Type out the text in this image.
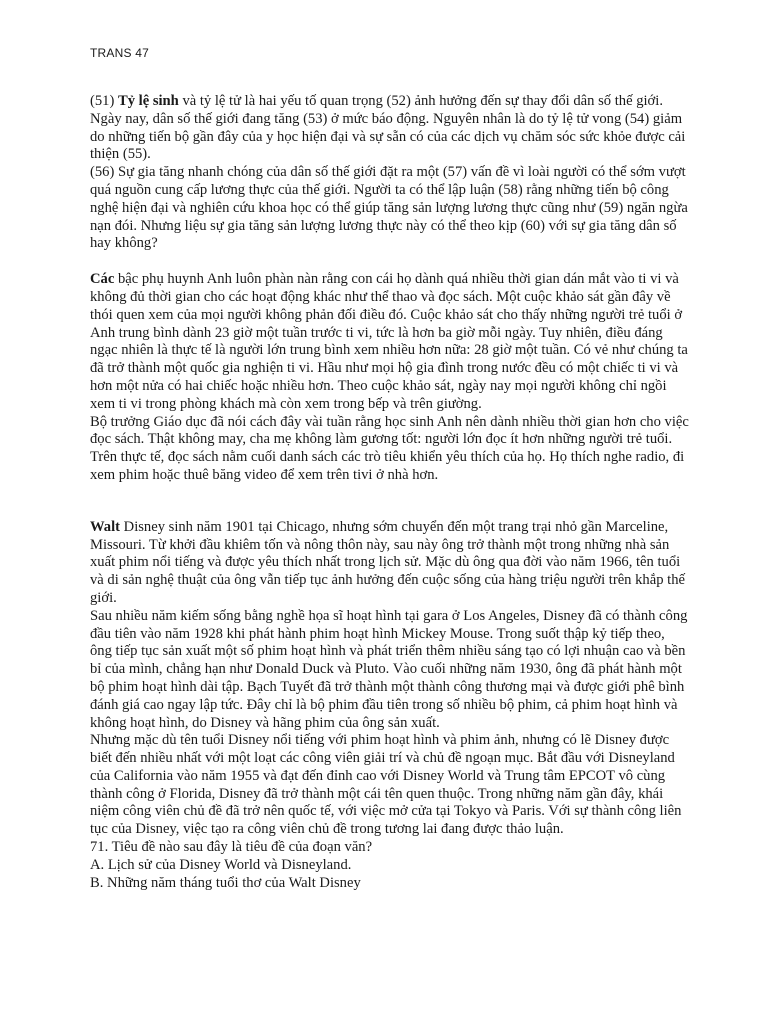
TRANS 47

(51) Tỷ lệ sinh và tỷ lệ tử là hai yếu tố quan trọng (52) ảnh hưởng đến sự thay đổi dân số thế giới. Ngày nay, dân số thế giới đang tăng (53) ở mức báo động. Nguyên nhân là do tỷ lệ tử vong (54) giảm do những tiến bộ gần đây của y học hiện đại và sự sẵn có của các dịch vụ chăm sóc sức khỏe được cải thiện (55).

(56) Sự gia tăng nhanh chóng của dân số thế giới đặt ra một (57) vấn đề vì loài người có thể sớm vượt quá nguồn cung cấp lương thực của thế giới. Người ta có thể lập luận (58) rằng những tiến bộ công nghệ hiện đại và nghiên cứu khoa học có thể giúp tăng sản lượng lương thực cũng như (59) ngăn ngừa nạn đói. Nhưng liệu sự gia tăng sản lượng lương thực này có thể theo kịp (60) với sự gia tăng dân số hay không?

Các bậc phụ huynh Anh luôn phàn nàn rằng con cái họ dành quá nhiều thời gian dán mắt vào ti vi và không đủ thời gian cho các hoạt động khác như thể thao và đọc sách. Một cuộc khảo sát gần đây về thói quen xem của mọi người không phản đối điều đó. Cuộc khảo sát cho thấy những người trẻ tuổi ở Anh trung bình dành 23 giờ một tuần trước ti vi, tức là hơn ba giờ mỗi ngày. Tuy nhiên, điều đáng ngạc nhiên là thực tế là người lớn trung bình xem nhiều hơn nữa: 28 giờ một tuần. Có vẻ như chúng ta đã trở thành một quốc gia nghiện ti vi. Hầu như mọi hộ gia đình trong nước đều có một chiếc ti vi và hơn một nửa có hai chiếc hoặc nhiều hơn. Theo cuộc khảo sát, ngày nay mọi người không chỉ ngồi xem ti vi trong phòng khách mà còn xem trong bếp và trên giường.

Bộ trưởng Giáo dục đã nói cách đây vài tuần rằng học sinh Anh nên dành nhiều thời gian hơn cho việc đọc sách. Thật không may, cha mẹ không làm gương tốt: người lớn đọc ít hơn những người trẻ tuổi. Trên thực tế, đọc sách nằm cuối danh sách các trò tiêu khiển yêu thích của họ. Họ thích nghe radio, đi xem phim hoặc thuê băng video để xem trên tivi ở nhà hơn.

Walt Disney sinh năm 1901 tại Chicago, nhưng sớm chuyển đến một trang trại nhỏ gần Marceline, Missouri. Từ khởi đầu khiêm tốn và nông thôn này, sau này ông trở thành một trong những nhà sản xuất phim nổi tiếng và được yêu thích nhất trong lịch sử. Mặc dù ông qua đời vào năm 1966, tên tuổi và di sản nghệ thuật của ông vẫn tiếp tục ảnh hưởng đến cuộc sống của hàng triệu người trên khắp thế giới.

Sau nhiều năm kiếm sống bằng nghề họa sĩ hoạt hình tại gara ở Los Angeles, Disney đã có thành công đầu tiên vào năm 1928 khi phát hành phim hoạt hình Mickey Mouse. Trong suốt thập kỷ tiếp theo, ông tiếp tục sản xuất một số phim hoạt hình và phát triển thêm nhiều sáng tạo có lợi nhuận cao và bền bỉ của mình, chẳng hạn như Donald Duck và Pluto. Vào cuối những năm 1930, ông đã phát hành một bộ phim hoạt hình dài tập. Bạch Tuyết đã trở thành một thành công thương mại và được giới phê bình đánh giá cao ngay lập tức. Đây chỉ là bộ phim đầu tiên trong số nhiều bộ phim, cả phim hoạt hình và không hoạt hình, do Disney và hãng phim của ông sản xuất.

Nhưng mặc dù tên tuổi Disney nổi tiếng với phim hoạt hình và phim ảnh, nhưng có lẽ Disney được biết đến nhiều nhất với một loạt các công viên giải trí và chủ đề ngoạn mục. Bắt đầu với Disneyland của California vào năm 1955 và đạt đến đỉnh cao với Disney World và Trung tâm EPCOT vô cùng thành công ở Florida, Disney đã trở thành một cái tên quen thuộc. Trong những năm gần đây, khái niệm công viên chủ đề đã trở nên quốc tế, với việc mở cửa tại Tokyo và Paris. Với sự thành công liên tục của Disney, việc tạo ra công viên chủ đề trong tương lai đang được thảo luận.

71. Tiêu đề nào sau đây là tiêu đề của đoạn văn?

A. Lịch sử của Disney World và Disneyland.

B. Những năm tháng tuổi thơ của Walt Disney
